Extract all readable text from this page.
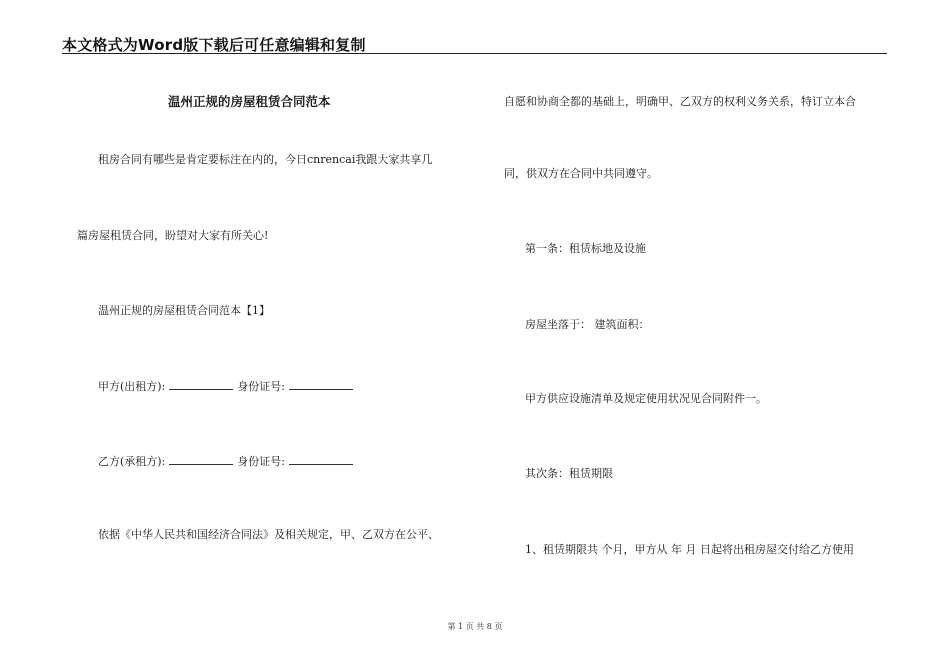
本文格式为Word版下载后可任意编辑和复制
温州正规的房屋租赁合同范本
租房合同有哪些是肯定要标注在内的，今日cnrencai我跟大家共享几
篇房屋租赁合同，盼望对大家有所关心!
温州正规的房屋租赁合同范本【1】
甲方(出租方):	身份证号:
乙方(承租方):	身份证号:
依据《中华人民共和国经济合同法》及相关规定，甲、乙双方在公平、
自愿和协商全都的基础上，明确甲、乙双方的权利义务关系，特订立本合
同，供双方在合同中共同遵守。
第一条：租赁标地及设施
房屋坐落于： 建筑面积：
甲方供应设施清单及规定使用状况见合同附件一。
其次条：租赁期限
1、租赁期限共 个月，甲方从 年 月 日起将出租房屋交付给乙方使用
第 1 页 共 8 页
